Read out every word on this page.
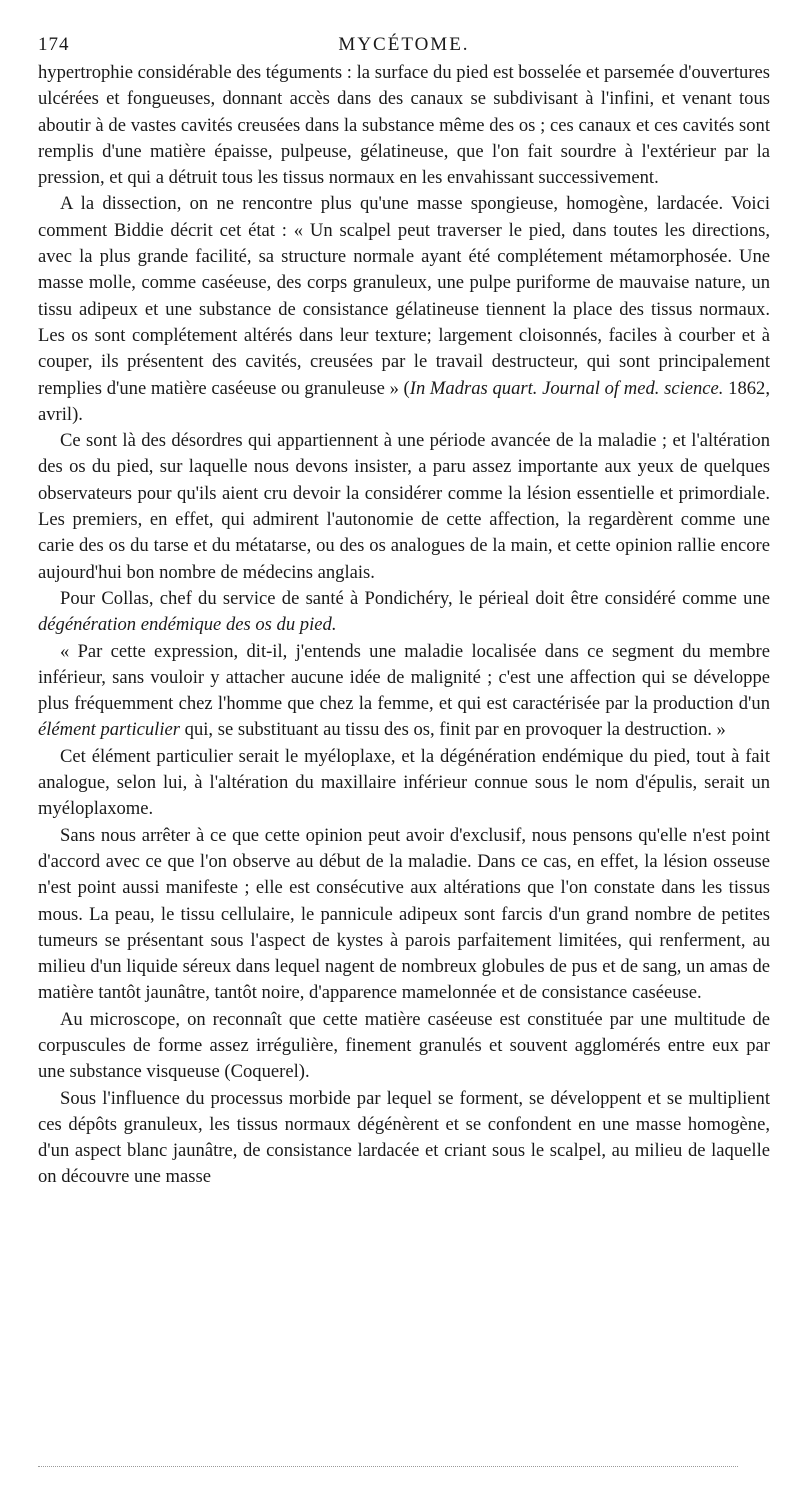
174	MYCÉTOME.

hypertrophie considérable des téguments : la surface du pied est bosselée et parsemée d'ouvertures ulcérées et fongueuses, donnant accès dans des canaux se subdivisant à l'infini, et venant tous aboutir à de vastes cavités creusées dans la substance même des os ; ces canaux et ces cavités sont remplis d'une matière épaisse, pulpeuse, gélatineuse, que l'on fait sourdre à l'extérieur par la pression, et qui a détruit tous les tissus normaux en les envahissant successivement.

A la dissection, on ne rencontre plus qu'une masse spongieuse, homogène, lardacée. Voici comment Biddie décrit cet état : « Un scalpel peut traverser le pied, dans toutes les directions, avec la plus grande facilité, sa structure normale ayant été complétement métamorphosée. Une masse molle, comme caséeuse, des corps granuleux, une pulpe puriforme de mauvaise nature, un tissu adipeux et une substance de consistance gélatineuse tiennent la place des tissus normaux. Les os sont complétement altérés dans leur texture; largement cloisonnés, faciles à courber et à couper, ils présentent des cavités, creusées par le travail destructeur, qui sont principalement remplies d'une matière caséeuse ou granuleuse » (In Madras quart. Journal of med. science. 1862, avril).

Ce sont là des désordres qui appartiennent à une période avancée de la maladie ; et l'altération des os du pied, sur laquelle nous devons insister, a paru assez importante aux yeux de quelques observateurs pour qu'ils aient cru devoir la considérer comme la lésion essentielle et primordiale. Les premiers, en effet, qui admirent l'autonomie de cette affection, la regardèrent comme une carie des os du tarse et du métatarse, ou des os analogues de la main, et cette opinion rallie encore aujourd'hui bon nombre de médecins anglais.

Pour Collas, chef du service de santé à Pondichéry, le périeal doit être considéré comme une dégénération endémique des os du pied.

« Par cette expression, dit-il, j'entends une maladie localisée dans ce segment du membre inférieur, sans vouloir y attacher aucune idée de malignité ; c'est une affection qui se développe plus fréquemment chez l'homme que chez la femme, et qui est caractérisée par la production d'un élément particulier qui, se substituant au tissu des os, finit par en provoquer la destruction. »

Cet élément particulier serait le myéloplaxe, et la dégénération endémique du pied, tout à fait analogue, selon lui, à l'altération du maxillaire inférieur connue sous le nom d'épulis, serait un myéloplaxome.

Sans nous arrêter à ce que cette opinion peut avoir d'exclusif, nous pensons qu'elle n'est point d'accord avec ce que l'on observe au début de la maladie. Dans ce cas, en effet, la lésion osseuse n'est point aussi manifeste ; elle est consécutive aux altérations que l'on constate dans les tissus mous. La peau, le tissu cellulaire, le pannicule adipeux sont farcis d'un grand nombre de petites tumeurs se présentant sous l'aspect de kystes à parois parfaitement limitées, qui renferment, au milieu d'un liquide séreux dans lequel nagent de nombreux globules de pus et de sang, un amas de matière tantôt jaunâtre, tantôt noire, d'apparence mamelonnée et de consistance caséeuse.

Au microscope, on reconnaît que cette matière caséeuse est constituée par une multitude de corpuscules de forme assez irrégulière, finement granulés et souvent agglomérés entre eux par une substance visqueuse (Coquerel).

Sous l'influence du processus morbide par lequel se forment, se développent et se multiplient ces dépôts granuleux, les tissus normaux dégénèrent et se confondent en une masse homogène, d'un aspect blanc jaunâtre, de consistance lardacée et criant sous le scalpel, au milieu de laquelle on découvre une masse
